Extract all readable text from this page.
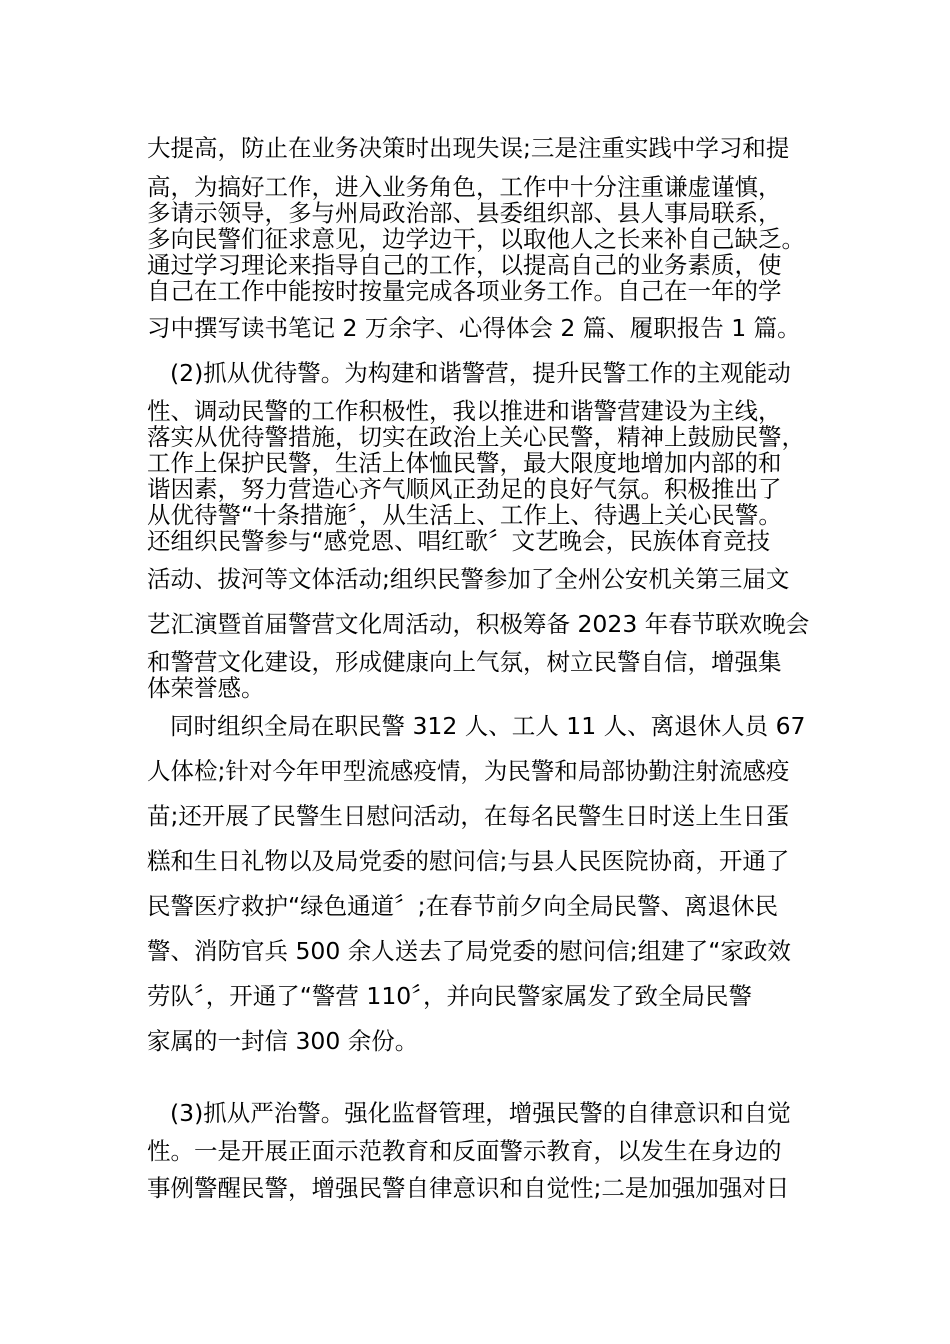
大提高，防止在业务决策时出现失误;三是注重实践中学习和提
高，为搞好工作，进入业务角色，工作中十分注重谦虚谨慎，
多请示领导，多与州局政治部、县委组织部、县人事局联系，
多向民警们征求意见，边学边干，以取他人之长来补自己缺乏。
通过学习理论来指导自己的工作，以提高自己的业务素质，使
自己在工作中能按时按量完成各项业务工作。自己在一年的学
习中撰写读书笔记 2 万余字、心得体会 2 篇、履职报告 1 篇。
(2)抓从优待警。为构建和谐警营，提升民警工作的主观能动
性、调动民警的工作积极性，我以推进和谐警营建设为主线，
落实从优待警措施，切实在政治上关心民警，精神上鼓励民警，
工作上保护民警，生活上体恤民警，最大限度地增加内部的和
谐因素，努力营造心齐气顺风正劲足的良好气氛。积极推出了
从优待警“十条措施〞，从生活上、工作上、待遇上关心民警。
还组织民警参与“感党恩、唱红歌〞文艺晚会，民族体育竞技
活动、拔河等文体活动;组织民警参加了全州公安机关第三届文
艺汇演暨首届警营文化周活动，积极筹备 2023 年春节联欢晚会
和警营文化建设，形成健康向上气氛，树立民警自信，增强集
体荣誉感。
同时组织全局在职民警 312 人、工人 11 人、离退休人员 67
人体检;针对今年甲型流感疫情，为民警和局部协勤注射流感疫
苗;还开展了民警生日慰问活动，在每名民警生日时送上生日蛋
糕和生日礼物以及局党委的慰问信;与县人民医院协商，开通了
民警医疗救护“绿色通道〞;在春节前夕向全局民警、离退休民
警、消防官兵 500 余人送去了局党委的慰问信;组建了“家政效
劳队〞，开通了“警营 110〞，并向民警家属发了致全局民警
家属的一封信 300 余份。
(3)抓从严治警。强化监督管理，增强民警的自律意识和自觉
性。一是开展正面示范教育和反面警示教育，以发生在身边的
事例警醒民警，增强民警自律意识和自觉性;二是加强加强对日
